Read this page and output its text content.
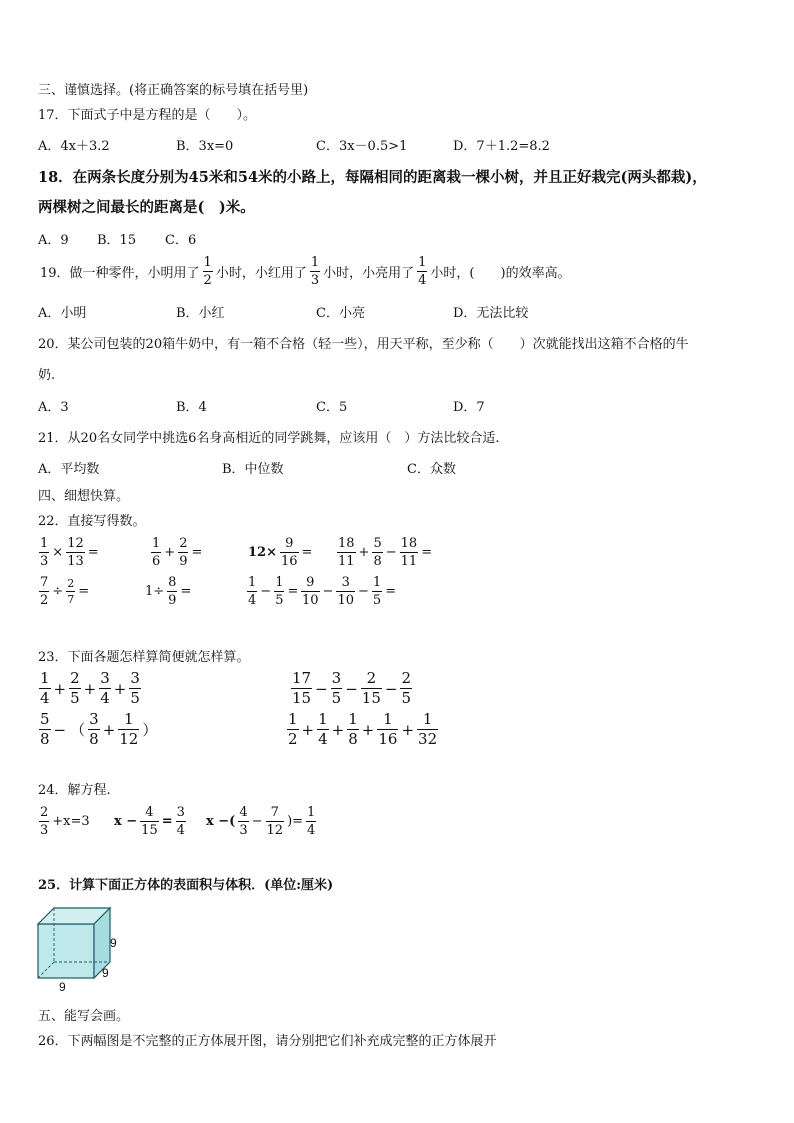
三、谨慎选择。(将正确答案的标号填在括号里)
17．下面式子中是方程的是（　　）。
A．4x＋3.2	B．3x=0	C．3x－0.5>1	D．7＋1.2=8.2
18．在两条长度分别为45米和54米的小路上，每隔相同的距离栽一棵小树，并且正好栽完(两头都栽)，
两棵树之间最长的距离是(　)米。
A．9 B．15 C．6
19．做一种零件，小明用了 $\frac{1}{2}$ 小时，小红用了 $\frac{1}{3}$ 小时，小亮用了 $\frac{1}{4}$ 小时，(　　)的效率高。
A．小明	B．小红	C．小亮	D．无法比较
20．某公司包装的20箱牛奶中，有一箱不合格（轻一些），用天平称，至少称（　　）次就能找出这箱不合格的牛
奶.
A．3	B．4	C．5	D．7
21．从20名女同学中挑选6名身高相近的同学跳舞，应该用（　）方法比较合适.
A．平均数	B．中位数	C．众数
四、细想快算。
22．直接写得数。
$\frac{1}{3} \times \frac{12}{13}$ =	$\frac{1}{6} + \frac{2}{9}$ =	$12\times \frac{9}{16} = \frac{18}{11} + \frac{5}{8} - \frac{18}{11}$ =
$\frac{7}{2} \div \frac{2}{7}$ =	$1\div \frac{8}{9}$ =	$\frac{1}{4} - \frac{1}{5} = \frac{9}{10} - \frac{3}{10} - \frac{1}{5}$ =
23．下面各题怎样算简便就怎样算。
$\frac{1}{4} + \frac{2}{5} + \frac{3}{4} + \frac{3}{5}$	$\frac{17}{15} - \frac{3}{5} - \frac{2}{15} - \frac{2}{5}$
$\frac{5}{8}$ − （ $\frac{3}{8} + \frac{1}{12}$ ）	$\frac{1}{2} + \frac{1}{4} + \frac{1}{8} + \frac{1}{16} + \frac{1}{32}$
24．解方程.
$\frac{2}{3} +x=3$ $x - \frac{4}{15} = \frac{3}{4}$ x −( $\frac{4}{3} - \frac{7}{12}$ )= $\frac{1}{4}$
25．计算下面正方体的表面积与体积．(单位:厘米)
9
9
9
五、能写会画。
26．下两幅图是不完整的正方体展开图，请分别把它们补充成完整的正方体展开
